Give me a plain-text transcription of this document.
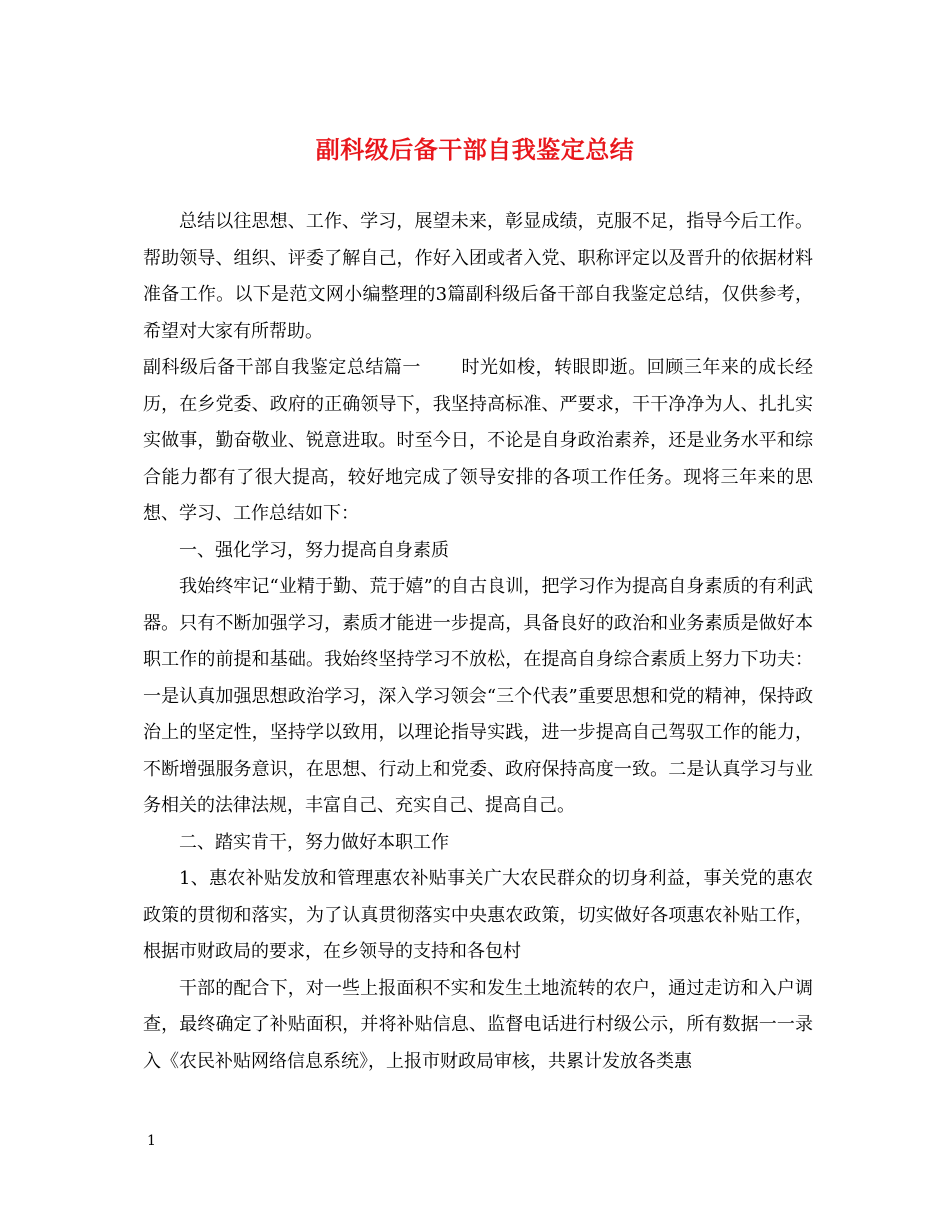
副科级后备干部自我鉴定总结

总结以往思想、工作、学习，展望未来，彰显成绩，克服不足，指导今后工作。帮助领导、组织、评委了解自己，作好入团或者入党、职称评定以及晋升的依据材料准备工作。以下是范文网小编整理的3篇副科级后备干部自我鉴定总结，仅供参考，希望对大家有所帮助。

副科级后备干部自我鉴定总结篇一 时光如梭，转眼即逝。回顾三年来的成长经历，在乡党委、政府的正确领导下，我坚持高标准、严要求，干干净净为人、扎扎实实做事，勤奋敬业、锐意进取。时至今日，不论是自身政治素养，还是业务水平和综合能力都有了很大提高，较好地完成了领导安排的各项工作任务。现将三年来的思想、学习、工作总结如下：

一、强化学习，努力提高自身素质

我始终牢记“业精于勤、荒于嬉”的自古良训，把学习作为提高自身素质的有利武器。只有不断加强学习，素质才能进一步提高，具备良好的政治和业务素质是做好本职工作的前提和基础。我始终坚持学习不放松，在提高自身综合素质上努力下功夫：一是认真加强思想政治学习，深入学习领会“三个代表”重要思想和党的精神，保持政治上的坚定性，坚持学以致用，以理论指导实践，进一步提高自己驾驭工作的能力，不断增强服务意识，在思想、行动上和党委、政府保持高度一致。二是认真学习与业务相关的法律法规，丰富自己、充实自己、提高自己。

二、踏实肯干，努力做好本职工作

1、惠农补贴发放和管理惠农补贴事关广大农民群众的切身利益，事关党的惠农政策的贯彻和落实，为了认真贯彻落实中央惠农政策，切实做好各项惠农补贴工作，根据市财政局的要求，在乡领导的支持和各包村

干部的配合下，对一些上报面积不实和发生土地流转的农户，通过走访和入户调查，最终确定了补贴面积，并将补贴信息、监督电话进行村级公示，所有数据一一录入《农民补贴网络信息系统》，上报市财政局审核，共累计发放各类惠

1
